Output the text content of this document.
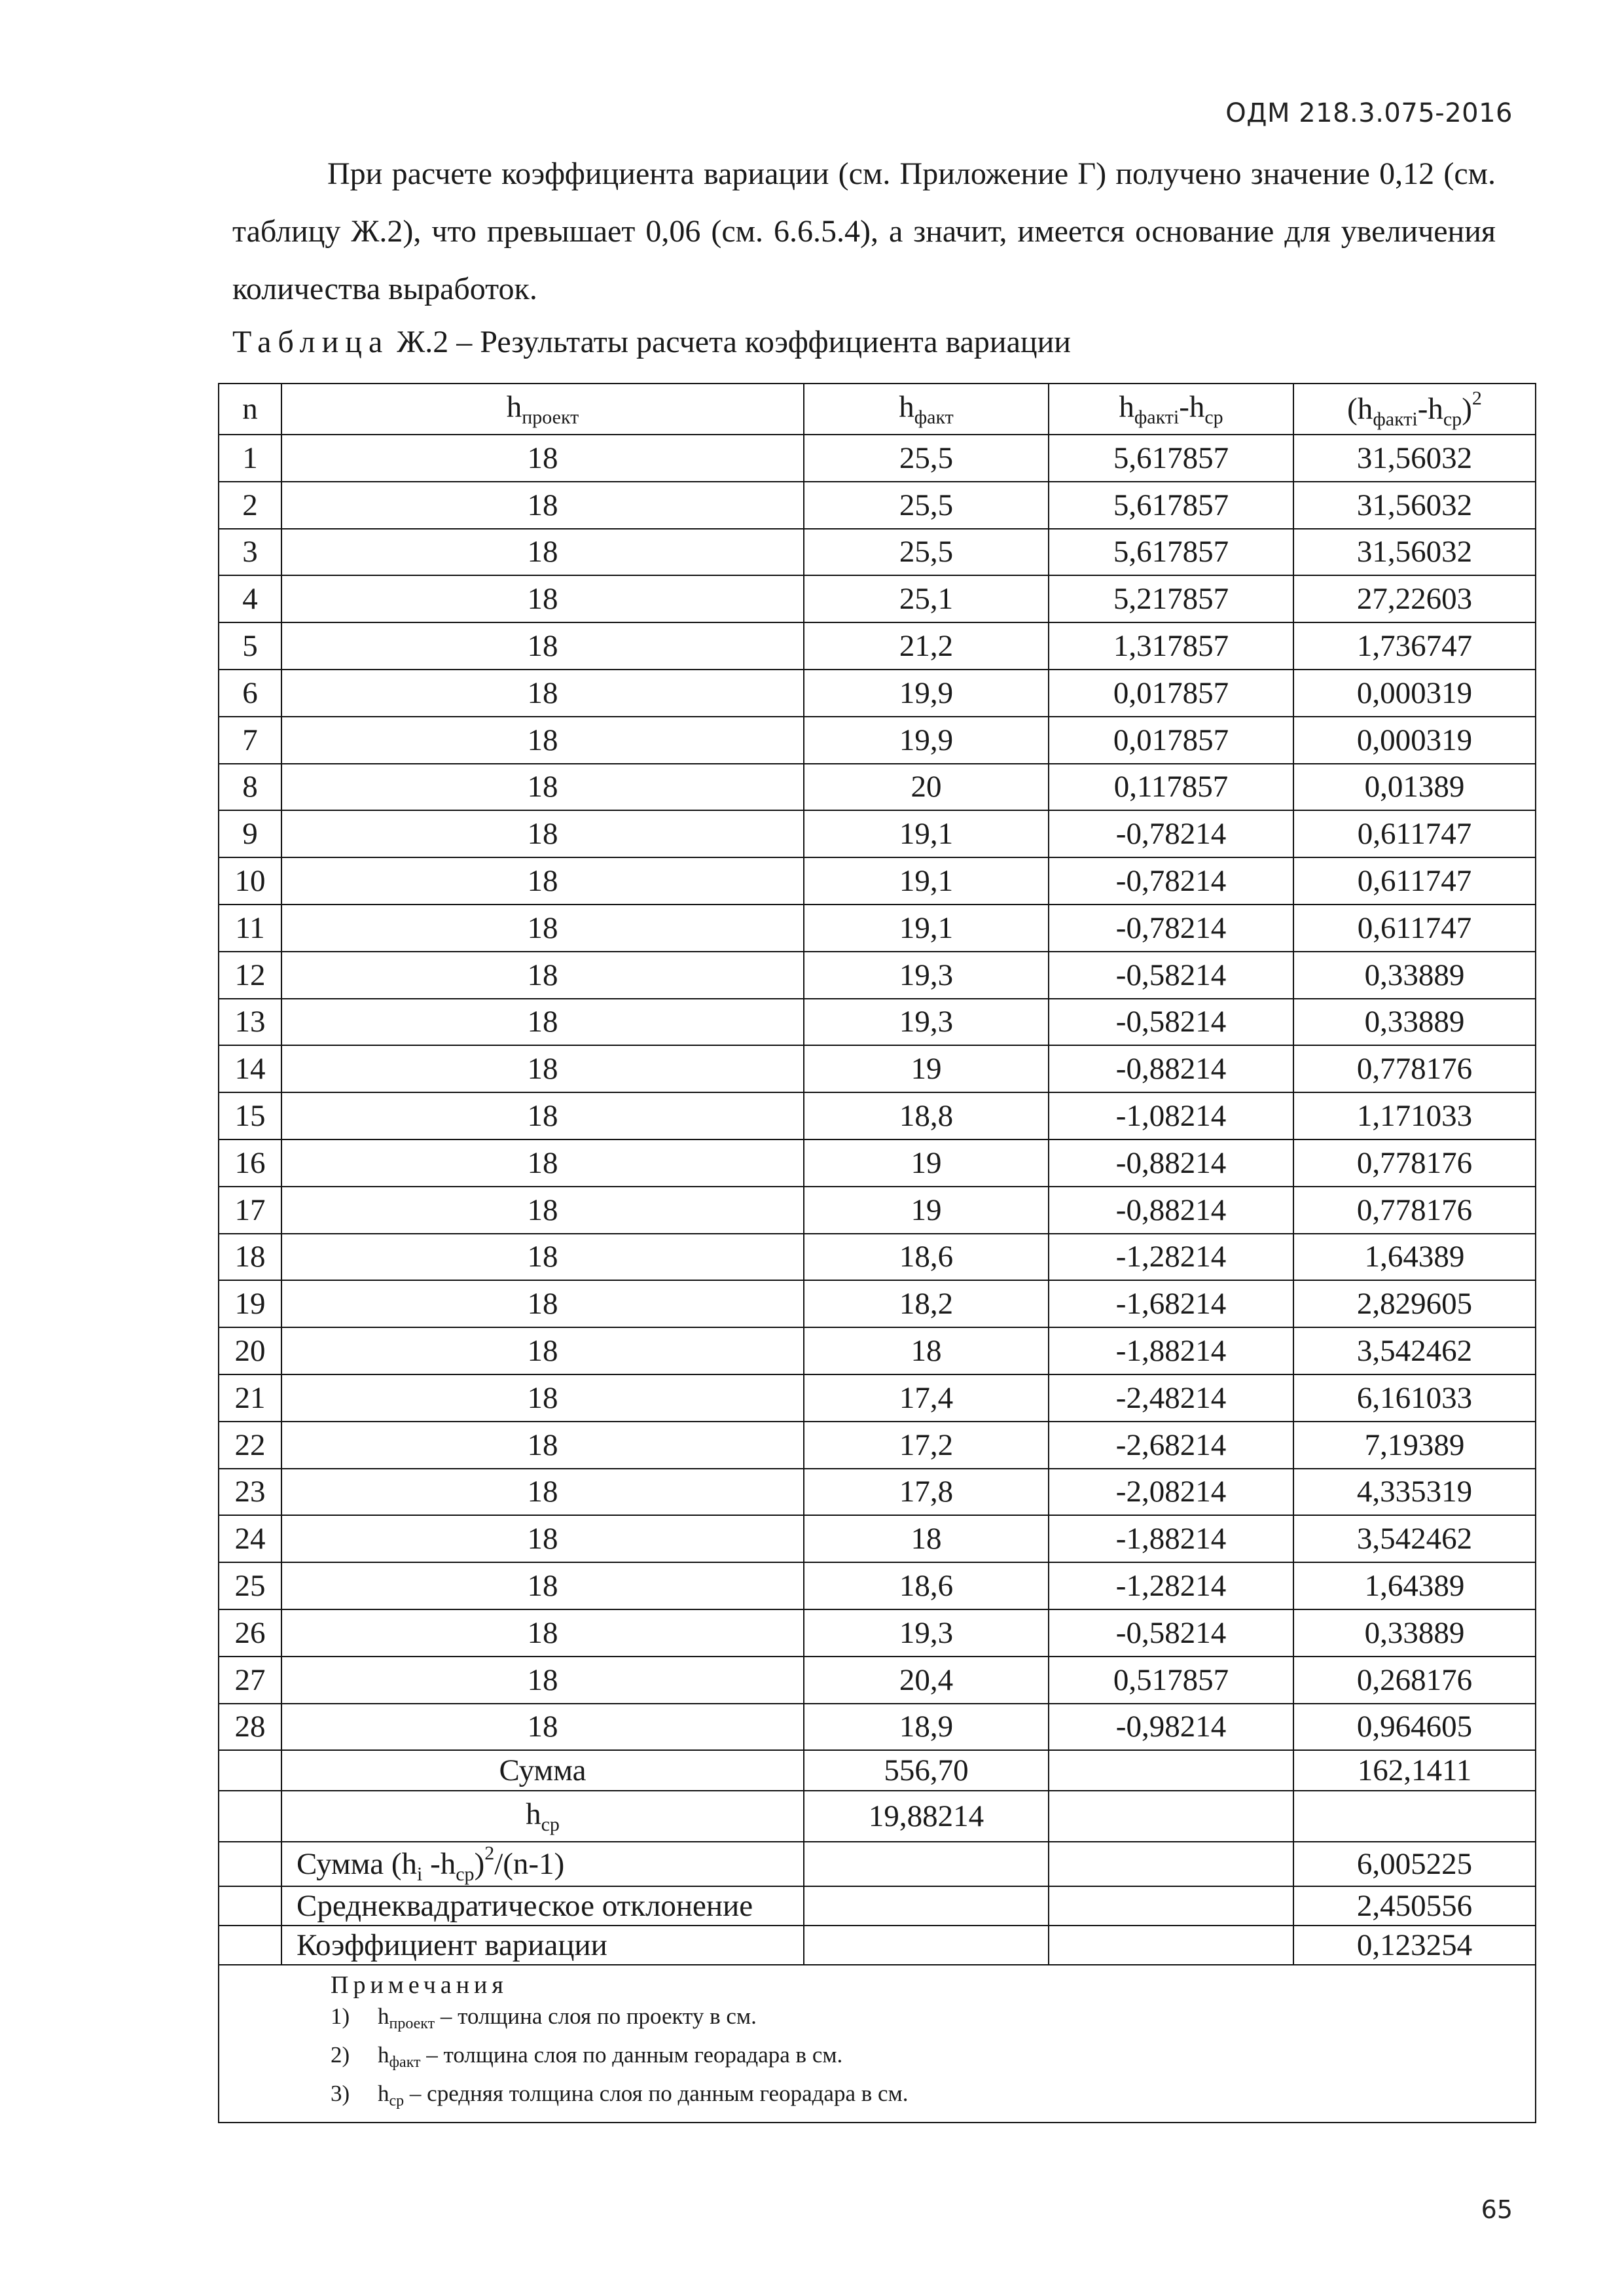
ОДМ 218.3.075-2016

При расчете коэффициента вариации (см. Приложение Г) получено значение 0,12 (см. таблицу Ж.2), что превышает 0,06 (см. 6.6.5.4), а значит, имеется основание для увеличения количества выработок.

Таблица Ж.2 – Результаты расчета коэффициента вариации

n	$h_{проект}$	$h_{факт}$	$h_{фактi}-h_{ср}$	$(h_{фактi}-h_{ср})^2$
1	18	25,5	5,617857	31,56032
2	18	25,5	5,617857	31,56032
3	18	25,5	5,617857	31,56032
4	18	25,1	5,217857	27,22603
5	18	21,2	1,317857	1,736747
6	18	19,9	0,017857	0,000319
7	18	19,9	0,017857	0,000319
8	18	20	0,117857	0,01389
9	18	19,1	-0,78214	0,611747
10	18	19,1	-0,78214	0,611747
11	18	19,1	-0,78214	0,611747
12	18	19,3	-0,58214	0,33889
13	18	19,3	-0,58214	0,33889
14	18	19	-0,88214	0,778176
15	18	18,8	-1,08214	1,171033
16	18	19	-0,88214	0,778176
17	18	19	-0,88214	0,778176
18	18	18,6	-1,28214	1,64389
19	18	18,2	-1,68214	2,829605
20	18	18	-1,88214	3,542462
21	18	17,4	-2,48214	6,161033
22	18	17,2	-2,68214	7,19389
23	18	17,8	-2,08214	4,335319
24	18	18	-1,88214	3,542462
25	18	18,6	-1,28214	1,64389
26	18	19,3	-0,58214	0,33889
27	18	20,4	0,517857	0,268176
28	18	18,9	-0,98214	0,964605
	Сумма	556,70		162,1411
	$h_{ср}$	19,88214		
	Сумма ($h_i$ $-h_{ср})^2/(n-1)$			6,005225
	Среднеквадратическое отклонение			2,450556
	Коэффициент вариации			0,123254

Примечания
1) $h_{проект}$ – толщина слоя по проекту в см.
2) $h_{факт}$ – толщина слоя по данным георадара в см.
3) $h_{ср}$ – средняя толщина слоя по данным георадара в см.				
65
